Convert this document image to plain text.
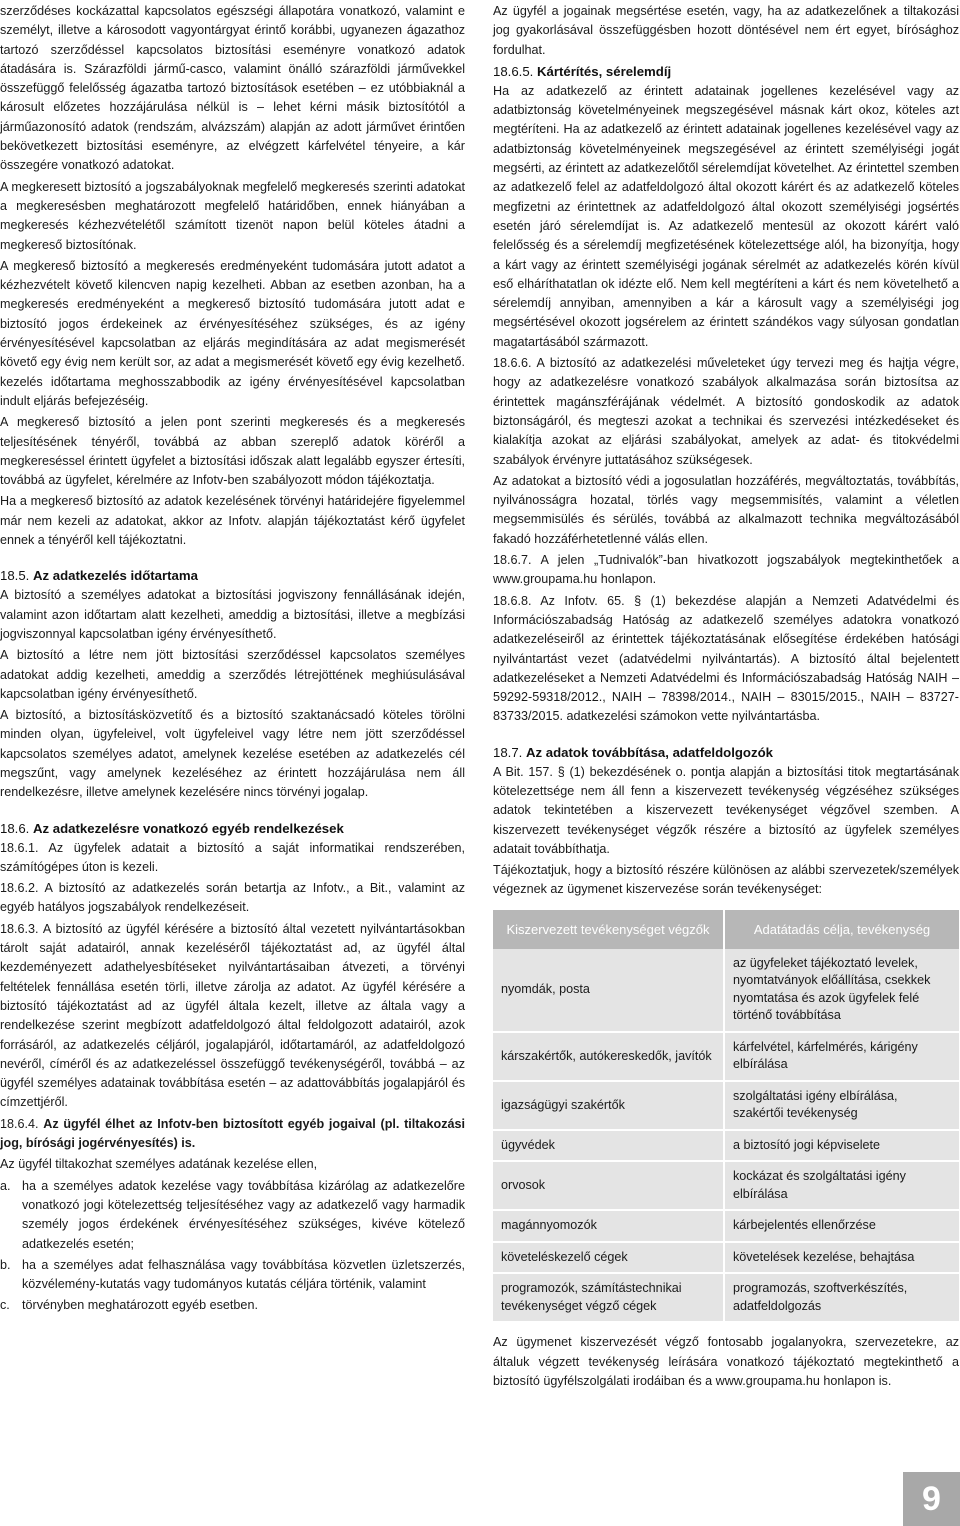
szerződéses kockázattal kapcsolatos egészségi állapotára vonatkozó, valamint e személyt, illetve a károsodott vagyontárgyat érintő korábbi, ugyanezen ágazathoz tartozó szerződéssel kapcsolatos biztosítási eseményre vonatkozó adatok átadására is. Szárazföldi jármű-casco, valamint önálló szárazföldi járművekkel összefüggő felelősség ágazatba tartozó biztosítások esetében – ez utóbbiaknál a károsult előzetes hozzájárulása nélkül is – lehet kérni másik biztosítótól a járműazonosító adatok (rendszám, alvázszám) alapján az adott járművet érintően bekövetkezett biztosítási eseményre, az elvégzett kárfelvétel tényeire, a kár összegére vonatkozó adatokat.

A megkeresett biztosító a jogszabályoknak megfelelő megkeresés szerinti adatokat a megkeresésben meghatározott megfelelő határidőben, ennek hiányában a megkeresés kézhezvételétől számított tizenöt napon belül köteles átadni a megkereső biztosítónak.

A megkereső biztosító a megkeresés eredményeként tudomására jutott adatot a kézhezvételt követő kilencven napig kezelheti. Abban az esetben azonban, ha a megkeresés eredményeként a megkereső biztosító tudomására jutott adat e biztosító jogos érdekeinek az érvényesítéséhez szükséges, és az igény érvényesítésével kapcsolatban az eljárás megindítására az adat megismerését követő egy évig nem került sor, az adat a megismerését követő egy évig kezelhető. kezelés időtartama meghosszabbodik az igény érvényesítésével kapcsolatban indult eljárás befejezéséig.

A megkereső biztosító a jelen pont szerinti megkeresés és a megkeresés teljesítésének tényéről, továbbá az abban szereplő adatok köréről a megkereséssel érintett ügyfelet a biztosítási időszak alatt legalább egyszer értesíti, továbbá az ügyfelet, kérelmére az Infotv-ben szabályozott módon tájékoztatja.

Ha a megkereső biztosító az adatok kezelésének törvényi határidejére figyelemmel már nem kezeli az adatokat, akkor az Infotv. alapján tájékoztatást kérő ügyfelet ennek a tényéről kell tájékoztatni.

18.5. Az adatkezelés időtartama

A biztosító a személyes adatokat a biztosítási jogviszony fennállásának idején, valamint azon időtartam alatt kezelheti, ameddig a biztosítási, illetve a megbízási jogviszonnyal kapcsolatban igény érvényesíthető.

A biztosító a létre nem jött biztosítási szerződéssel kapcsolatos személyes adatokat addig kezelheti, ameddig a szerződés létrejöttének meghiúsulásával kapcsolatban igény érvényesíthető.

A biztosító, a biztosításközvetítő és a biztosító szaktanácsadó köteles törölni minden olyan, ügyfeleivel, volt ügyfeleivel vagy létre nem jött szerződéssel kapcsolatos személyes adatot, amelynek kezelése esetében az adatkezelés cél megszűnt, vagy amelynek kezeléséhez az érintett hozzájárulása nem áll rendelkezésre, illetve amelynek kezelésére nincs törvényi jogalap.

18.6. Az adatkezelésre vonatkozó egyéb rendelkezések

18.6.1. Az ügyfelek adatait a biztosító a saját informatikai rendszerében, számítógépes úton is kezeli.

18.6.2. A biztosító az adatkezelés során betartja az Infotv., a Bit., valamint az egyéb hatályos jogszabályok rendelkezéseit.

18.6.3. A biztosító az ügyfél kérésére a biztosító által vezetett nyilvántartásokban tárolt saját adatairól, annak kezeléséről tájékoztatást ad, az ügyfél által kezdeményezett adathelyesbítéseket nyilvántartásaiban átvezeti, a törvényi feltételek fennállása esetén törli, illetve zárolja az adatot. Az ügyfél kérésére a biztosító tájékoztatást ad az ügyfél általa kezelt, illetve az általa vagy a rendelkezése szerint megbízott adatfeldolgozó által feldolgozott adatairól, azok forrásáról, az adatkezelés céljáról, jogalapjáról, időtartamáról, az adatfeldolgozó nevéről, címéről és az adatkezeléssel összefüggő tevékenységéről, továbbá – az ügyfél személyes adatainak továbbítása esetén – az adattovábbítás jogalapjáról és címzettjéről.

18.6.4. Az ügyfél élhet az Infotv-ben biztosított egyéb jogaival (pl. tiltakozási jog, bírósági jogérvényesítés) is.

Az ügyfél tiltakozhat személyes adatának kezelése ellen,

a. ha a személyes adatok kezelése vagy továbbítása kizárólag az adatkezelőre vonatkozó jogi kötelezettség teljesítéséhez vagy az adatkezelő vagy harmadik személy jogos érdekének érvényesítéséhez szükséges, kivéve kötelező adatkezelés esetén;
b. ha a személyes adat felhasználása vagy továbbítása közvetlen üzletszerzés, közvélemény-kutatás vagy tudományos kutatás céljára történik, valamint
c. törvényben meghatározott egyéb esetben.

Az ügyfél a jogainak megsértése esetén, vagy, ha az adatkezelőnek a tiltakozási jog gyakorlásával összefüggésben hozott döntésével nem ért egyet, bírósághoz fordulhat.

18.6.5. Kártérítés, sérelemdíj

Ha az adatkezelő az érintett adatainak jogellenes kezelésével vagy az adatbiztonság követelményeinek megszegésével másnak kárt okoz, köteles azt megtéríteni. Ha az adatkezelő az érintett adatainak jogellenes kezelésével vagy az adatbiztonság követelményeinek megszegésével az érintett személyiségi jogát megsérti, az érintett az adatkezelőtől sérelemdíjat követelhet. Az érintettel szemben az adatkezelő felel az adatfeldolgozó által okozott kárért és az adatkezelő köteles megfizetni az érintettnek az adatfeldolgozó által okozott személyiségi jogsértés esetén járó sérelemdíjat is. Az adatkezelő mentesül az okozott kárért való felelősség és a sérelemdíj megfizetésének kötelezettsége alól, ha bizonyítja, hogy a kárt vagy az érintett személyiségi jogának sérelmét az adatkezelés körén kívül eső elháríthatatlan ok idézte elő. Nem kell megtéríteni a kárt és nem követelhető a sérelemdíj annyiban, amennyiben a kár a károsult vagy a személyiségi jog megsértésével okozott jogsérelem az érintett szándékos vagy súlyosan gondatlan magatartásából származott.

18.6.6. A biztosító az adatkezelési műveleteket úgy tervezi meg és hajtja végre, hogy az adatkezelésre vonatkozó szabályok alkalmazása során biztosítsa az érintettek magánszférájának védelmét. A biztosító gondoskodik az adatok biztonságáról, és megteszi azokat a technikai és szervezési intézkedéseket és kialakítja azokat az eljárási szabályokat, amelyek az adat- és titokvédelmi szabályok érvényre juttatásához szükségesek.

Az adatokat a biztosító védi a jogosulatlan hozzáférés, megváltoztatás, továbbítás, nyilvánosságra hozatal, törlés vagy megsemmisítés, valamint a véletlen megsemmisülés és sérülés, továbbá az alkalmazott technika megváltozásából fakadó hozzáférhetetlenné válás ellen.

18.6.7. A jelen „Tudnivalók”-ban hivatkozott jogszabályok megtekinthetőek a www.groupama.hu honlapon.

18.6.8. Az Infotv. 65. § (1) bekezdése alapján a Nemzeti Adatvédelmi és Információszabadság Hatóság az adatkezelő személyes adatokra vonatkozó adatkezeléseiről az érintettek tájékoztatásának elősegítése érdekében hatósági nyilvántartást vezet (adatvédelmi nyilvántartás). A biztosító által bejelentett adatkezeléseket a Nemzeti Adatvédelmi és Információszabadság Hatóság NAIH – 59292-59318/2012., NAIH – 78398/2014., NAIH – 83015/2015., NAIH – 83727-83733/2015. adatkezelési számokon vette nyilvántartásba.

18.7. Az adatok továbbítása, adatfeldolgozók

A Bit. 157. § (1) bekezdésének o. pontja alapján a biztosítási titok megtartásának kötelezettsége nem áll fenn a kiszervezett tevékenység végzéséhez szükséges adatok tekintetében a kiszervezett tevékenységet végzővel szemben. A kiszervezett tevékenységet végzők részére a biztosító az ügyfelek személyes adatait továbbíthatja.

Tájékoztatjuk, hogy a biztosító részére különösen az alábbi szervezetek/személyek végeznek az ügymenet kiszervezése során tevékenységet:

Kiszervezett tevékenységet végzők	Adatátadás célja, tevékenység
nyomdák, posta	az ügyfeleket tájékoztató levelek, nyomtatványok előállítása, csekkek nyomtatása és azok ügyfelek felé történő továbbítása
kárszakértők, autókereskedők, javítók	kárfelvétel, kárfelmérés, kárigény elbírálása
igazságügyi szakértők	szolgáltatási igény elbírálása, szakértői tevékenység
ügyvédek	a biztosító jogi képviselete
orvosok	kockázat és szolgáltatási igény elbírálása
magánnyomozók	kárbejelentés ellenőrzése
követeléskezelő cégek	követelések kezelése, behajtása
programozók, számítástechnikai tevékenységet végző cégek	programozás, szoftverkészítés, adatfeldolgozás

Az ügymenet kiszervezését végző fontosabb jogalanyokra, szervezetekre, az általuk végzett tevékenység leírására vonatkozó tájékoztató megtekinthető a biztosító ügyfélszolgálati irodáiban és a www.groupama.hu honlapon is.

9
